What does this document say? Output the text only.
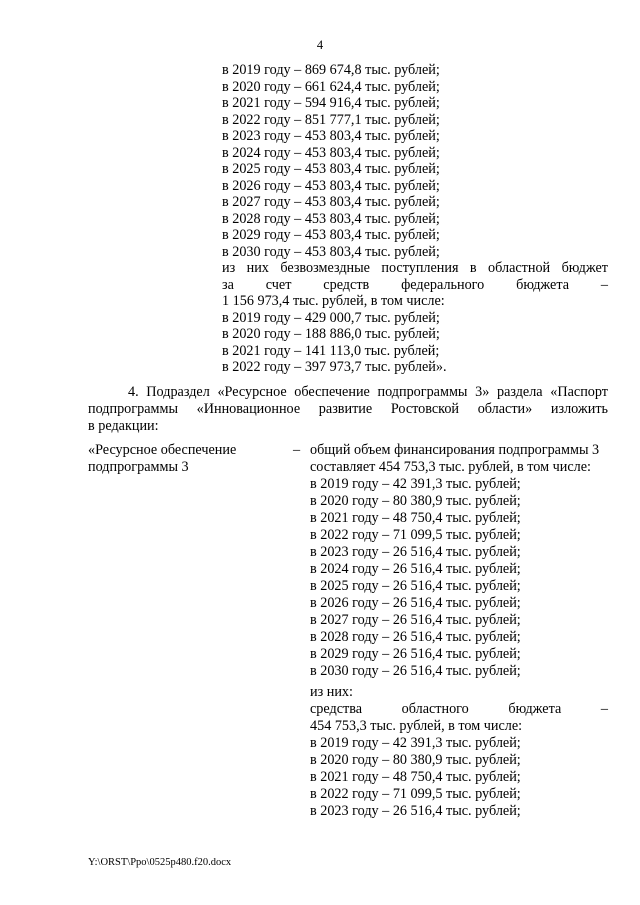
4
в 2019 году – 869 674,8 тыс. рублей;
в 2020 году – 661 624,4 тыс. рублей;
в 2021 году – 594 916,4 тыс. рублей;
в 2022 году – 851 777,1 тыс. рублей;
в 2023 году – 453 803,4 тыс. рублей;
в 2024 году – 453 803,4 тыс. рублей;
в 2025 году – 453 803,4 тыс. рублей;
в 2026 году – 453 803,4 тыс. рублей;
в 2027 году – 453 803,4 тыс. рублей;
в 2028 году – 453 803,4 тыс. рублей;
в 2029 году – 453 803,4 тыс. рублей;
в 2030 году – 453 803,4 тыс. рублей;
из них безвозмездные поступления в областной бюджет
за счет средств федерального бюджета –
1 156 973,4 тыс. рублей, в том числе:
в 2019 году – 429 000,7 тыс. рублей;
в 2020 году – 188 886,0 тыс. рублей;
в 2021 году – 141 113,0 тыс. рублей;
в 2022 году – 397 973,7 тыс. рублей».
4. Подраздел «Ресурсное обеспечение подпрограммы 3» раздела «Паспорт
подпрограммы «Инновационное развитие Ростовской области» изложить
в редакции:
«Ресурсное обеспечение
подпрограммы 3
– общий объем финансирования подпрограммы 3
составляет 454 753,3 тыс. рублей, в том числе:
в 2019 году – 42 391,3 тыс. рублей;
в 2020 году – 80 380,9 тыс. рублей;
в 2021 году – 48 750,4 тыс. рублей;
в 2022 году – 71 099,5 тыс. рублей;
в 2023 году – 26 516,4 тыс. рублей;
в 2024 году – 26 516,4 тыс. рублей;
в 2025 году – 26 516,4 тыс. рублей;
в 2026 году – 26 516,4 тыс. рублей;
в 2027 году – 26 516,4 тыс. рублей;
в 2028 году – 26 516,4 тыс. рублей;
в 2029 году – 26 516,4 тыс. рублей;
в 2030 году – 26 516,4 тыс. рублей;
из них:
средства областного бюджета –
454 753,3 тыс. рублей, в том числе:
в 2019 году – 42 391,3 тыс. рублей;
в 2020 году – 80 380,9 тыс. рублей;
в 2021 году – 48 750,4 тыс. рублей;
в 2022 году – 71 099,5 тыс. рублей;
в 2023 году – 26 516,4 тыс. рублей;
Y:\ORST\Ppo\0525p480.f20.docx
